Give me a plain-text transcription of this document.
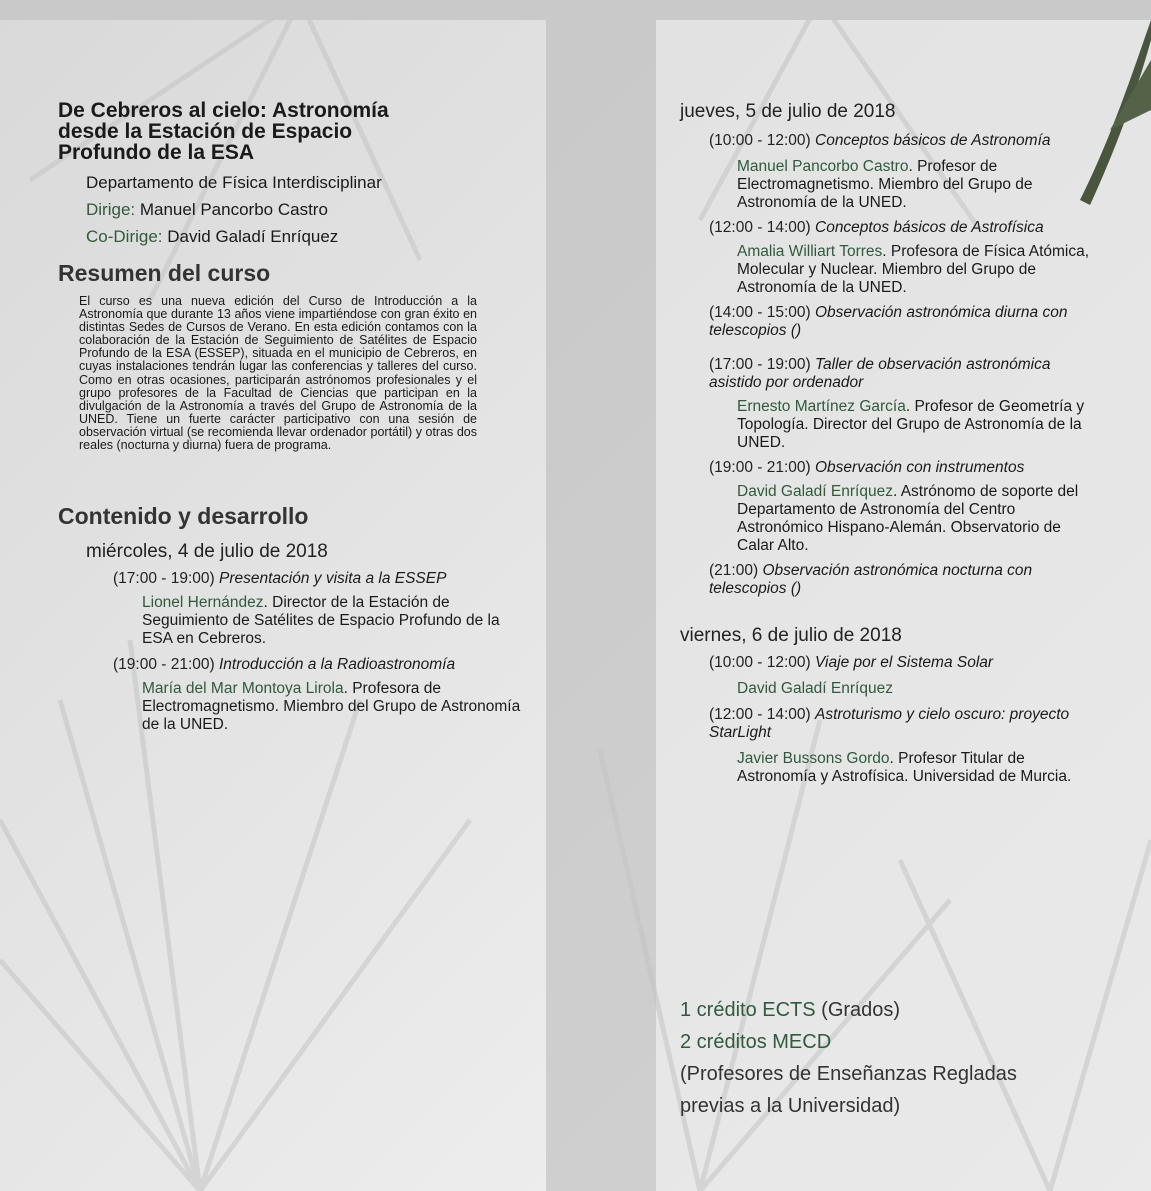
De Cebreros al cielo: Astronomía

desde la Estación de Espacio

Profundo de la ESA

Departamento de Física Interdisciplinar
Dirige: Manuel Pancorbo Castro
Co-Dirige: David Galadí Enríquez
Resumen del curso
El curso es una nueva edición del Curso de Introducción a la Astronomía que durante 13 años viene impartiéndose con gran éxito en distintas Sedes de Cursos de Verano. En esta edición contamos con la colaboración de la Estación de Seguimiento de Satélites de Espacio Profundo de la ESA (ESSEP), situada en el municipio de Cebreros, en cuyas instalaciones tendrán lugar las conferencias y talleres del curso. Como en otras ocasiones, participarán astrónomos profesionales y el grupo profesores de la Facultad de Ciencias que participan en la divulgación de la Astronomía a través del Grupo de Astronomía de la UNED. Tiene un fuerte carácter participativo con una sesión de observación virtual (se recomienda llevar ordenador portátil) y otras dos reales (nocturna y diurna) fuera de programa.
Contenido y desarrollo

miércoles, 4 de julio de 2018

(17:00 - 19:00) Presentación y visita a la ESSEP
Lionel Hernández. Director de la Estación de Seguimiento de Satélites de Espacio Profundo de la ESA en Cebreros.
(19:00 - 21:00) Introducción a la Radioastronomía
María del Mar Montoya Lirola. Profesora de Electromagnetismo. Miembro del Grupo de Astronomía de la UNED.

jueves, 5 de julio de 2018

(10:00 - 12:00) Conceptos básicos de Astronomía
Manuel Pancorbo Castro. Profesor de Electromagnetismo. Miembro del Grupo de Astronomía de la UNED.
(12:00 - 14:00) Conceptos básicos de Astrofísica
Amalia Williart Torres. Profesora de Física Atómica, Molecular y Nuclear. Miembro del Grupo de Astronomía de la UNED.
(14:00 - 15:00) Observación astronómica diurna con telescopios ()
(17:00 - 19:00) Taller de observación astronómica asistido por ordenador
Ernesto Martínez García. Profesor de Geometría y Topología. Director del Grupo de Astronomía de la UNED.
(19:00 - 21:00) Observación con instrumentos
David Galadí Enríquez. Astrónomo de soporte del Departamento de Astronomía del Centro Astronómico Hispano-Alemán. Observatorio de Calar Alto.
(21:00) Observación astronómica nocturna con telescopios ()

viernes, 6 de julio de 2018

(10:00 - 12:00) Viaje por el Sistema Solar
David Galadí Enríquez
(12:00 - 14:00) Astroturismo y cielo oscuro: proyecto StarLight
Javier Bussons Gordo. Profesor Titular de Astronomía y Astrofísica. Universidad de Murcia.
1 crédito ECTS (Grados)
2 créditos MECD
(Profesores de Enseñanzas Regladas previas a la Universidad)
